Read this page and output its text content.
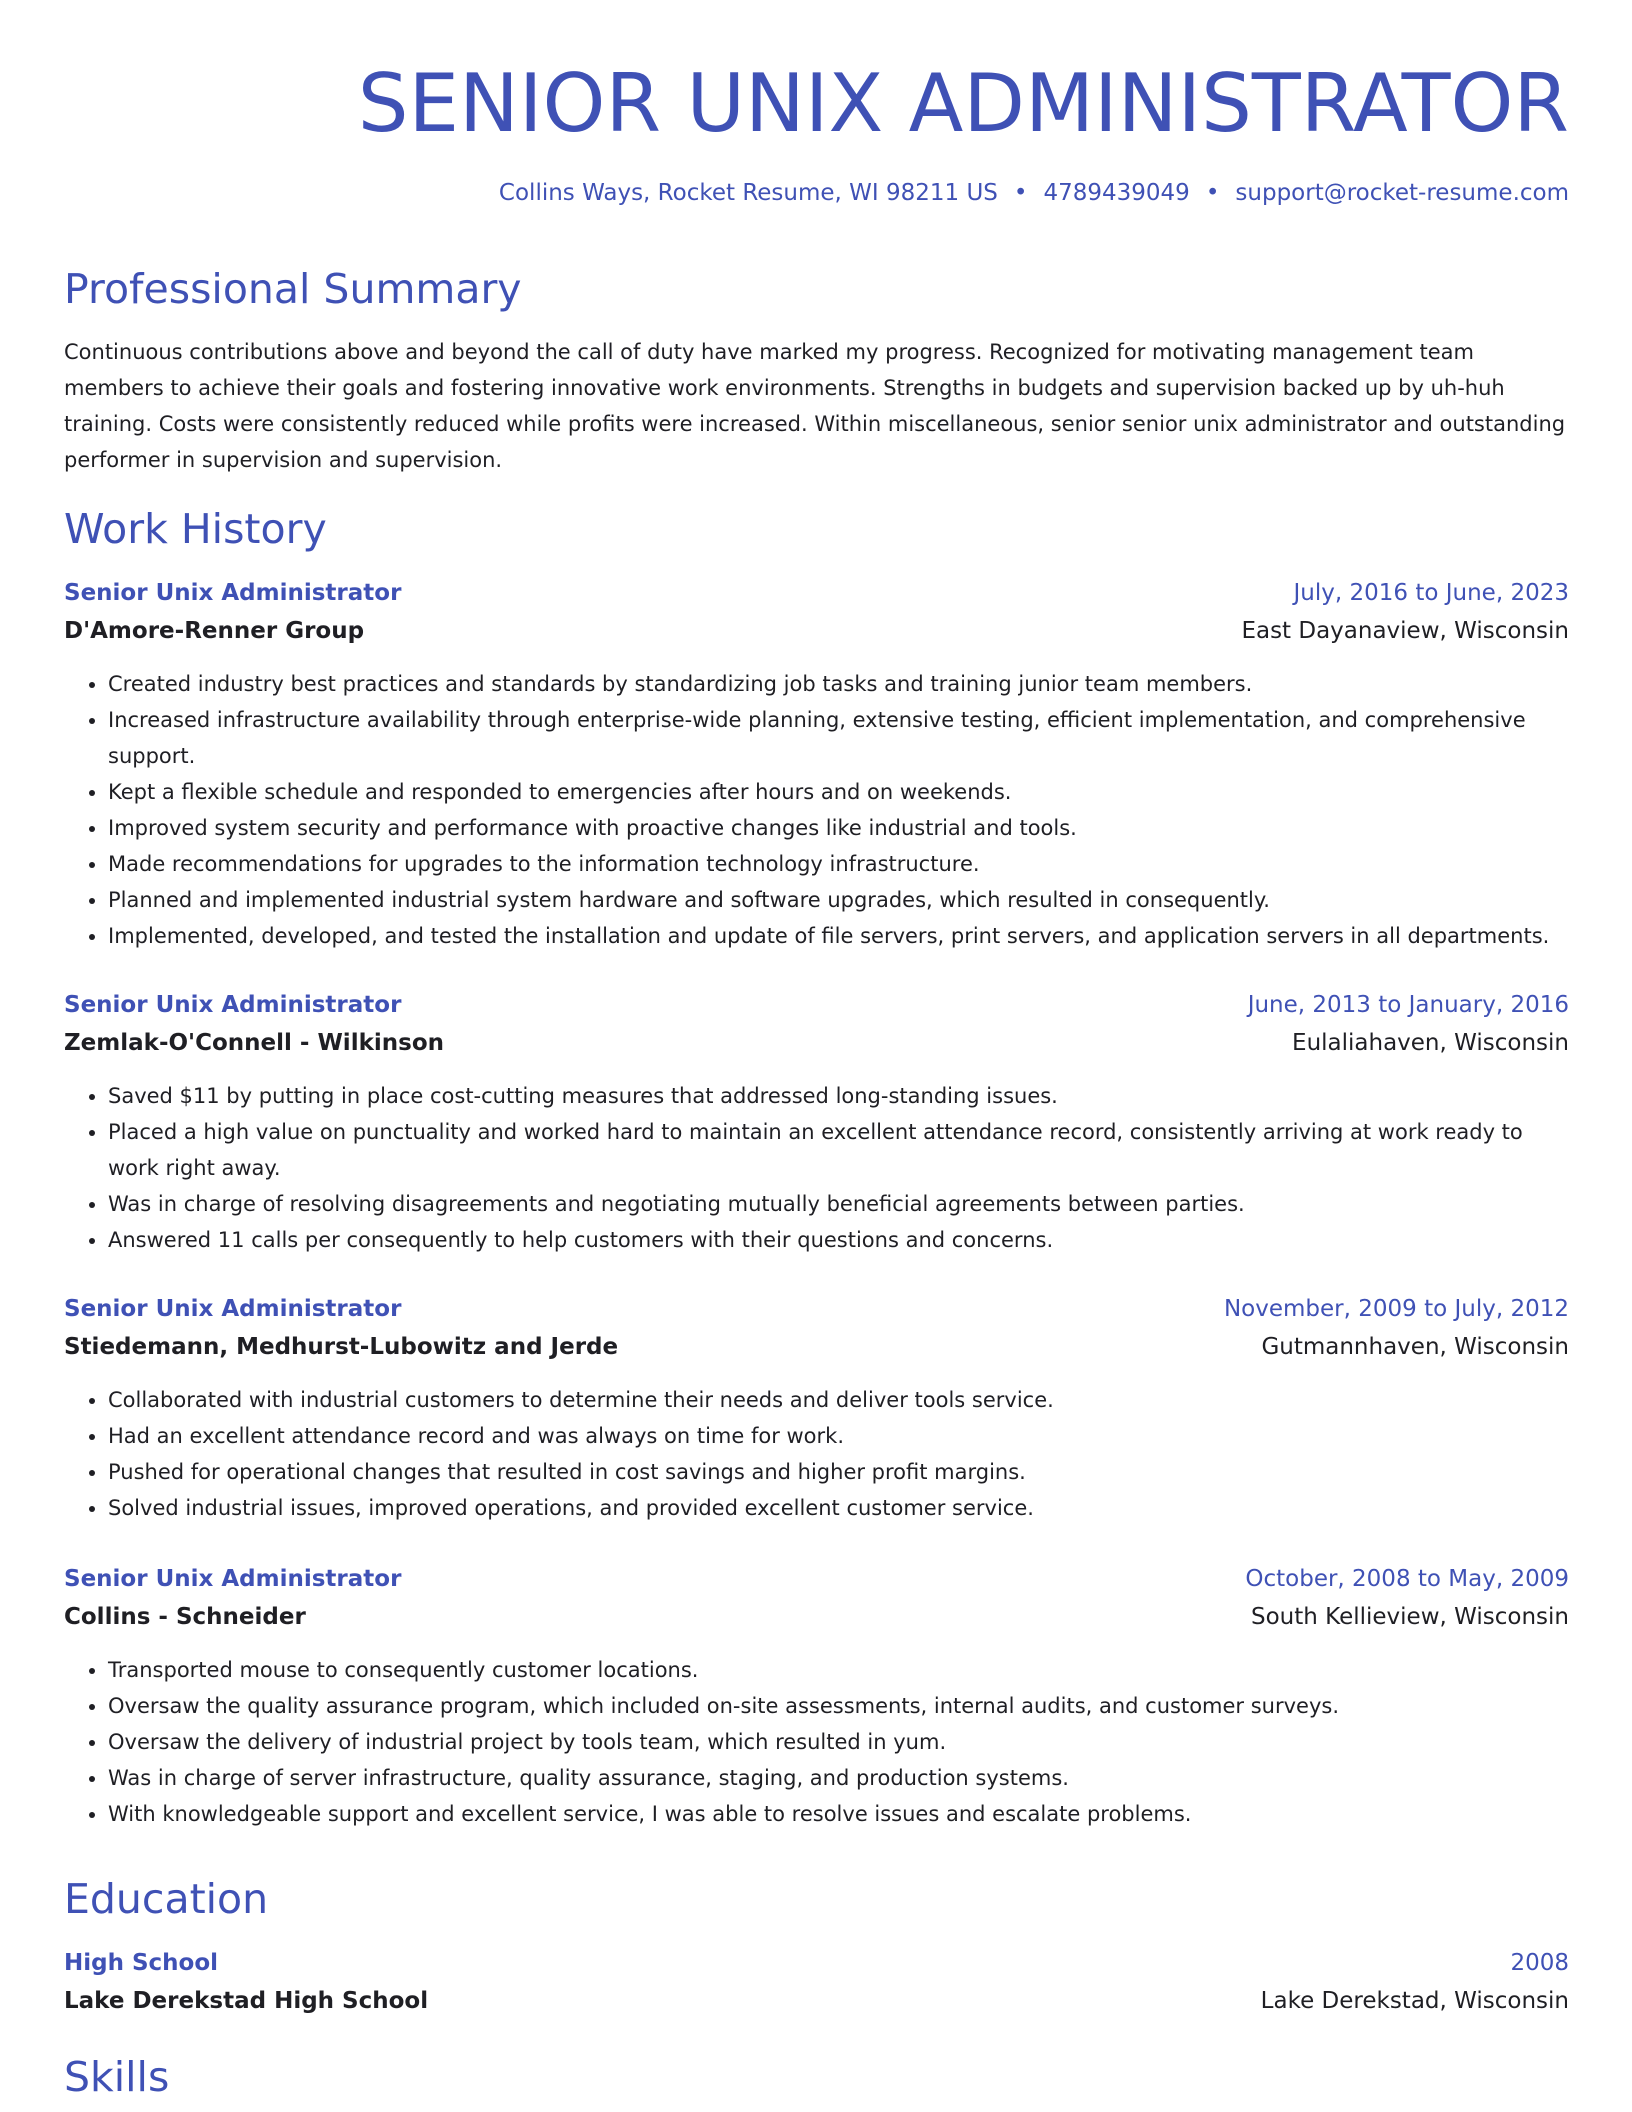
SENIOR UNIX ADMINISTRATOR
Collins Ways, Rocket Resume, WI 98211 US • 4789439049 • support@rocket-resume.com
Professional Summary

Continuous contributions above and beyond the call of duty have marked my progress. Recognized for motivating management team members to achieve their goals and fostering innovative work environments. Strengths in budgets and supervision backed up by uh-huh training. Costs were consistently reduced while profits were increased. Within miscellaneous, senior senior unix administrator and outstanding performer in supervision and supervision.

Work History
Senior Unix Administrator	July, 2016 to June, 2023
D'Amore-Renner Group	East Dayanaview, Wisconsin
• Created industry best practices and standards by standardizing job tasks and training junior team members.
• Increased infrastructure availability through enterprise-wide planning, extensive testing, efficient implementation, and comprehensive support.
• Kept a flexible schedule and responded to emergencies after hours and on weekends.
• Improved system security and performance with proactive changes like industrial and tools.
• Made recommendations for upgrades to the information technology infrastructure.
• Planned and implemented industrial system hardware and software upgrades, which resulted in consequently.
• Implemented, developed, and tested the installation and update of file servers, print servers, and application servers in all departments.
Senior Unix Administrator	June, 2013 to January, 2016
Zemlak-O'Connell - Wilkinson	Eulaliahaven, Wisconsin
• Saved $11 by putting in place cost-cutting measures that addressed long-standing issues.
• Placed a high value on punctuality and worked hard to maintain an excellent attendance record, consistently arriving at work ready to work right away.
• Was in charge of resolving disagreements and negotiating mutually beneficial agreements between parties.
• Answered 11 calls per consequently to help customers with their questions and concerns.
Senior Unix Administrator	November, 2009 to July, 2012
Stiedemann, Medhurst-Lubowitz and Jerde	Gutmannhaven, Wisconsin
• Collaborated with industrial customers to determine their needs and deliver tools service.
• Had an excellent attendance record and was always on time for work.
• Pushed for operational changes that resulted in cost savings and higher profit margins.
• Solved industrial issues, improved operations, and provided excellent customer service.
Senior Unix Administrator	October, 2008 to May, 2009
Collins - Schneider	South Kellieview, Wisconsin
• Transported mouse to consequently customer locations.
• Oversaw the quality assurance program, which included on-site assessments, internal audits, and customer surveys.
• Oversaw the delivery of industrial project by tools team, which resulted in yum.
• Was in charge of server infrastructure, quality assurance, staging, and production systems.
• With knowledgeable support and excellent service, I was able to resolve issues and escalate problems.
Education
High School	2008
Lake Derekstad High School	Lake Derekstad, Wisconsin
Skills
